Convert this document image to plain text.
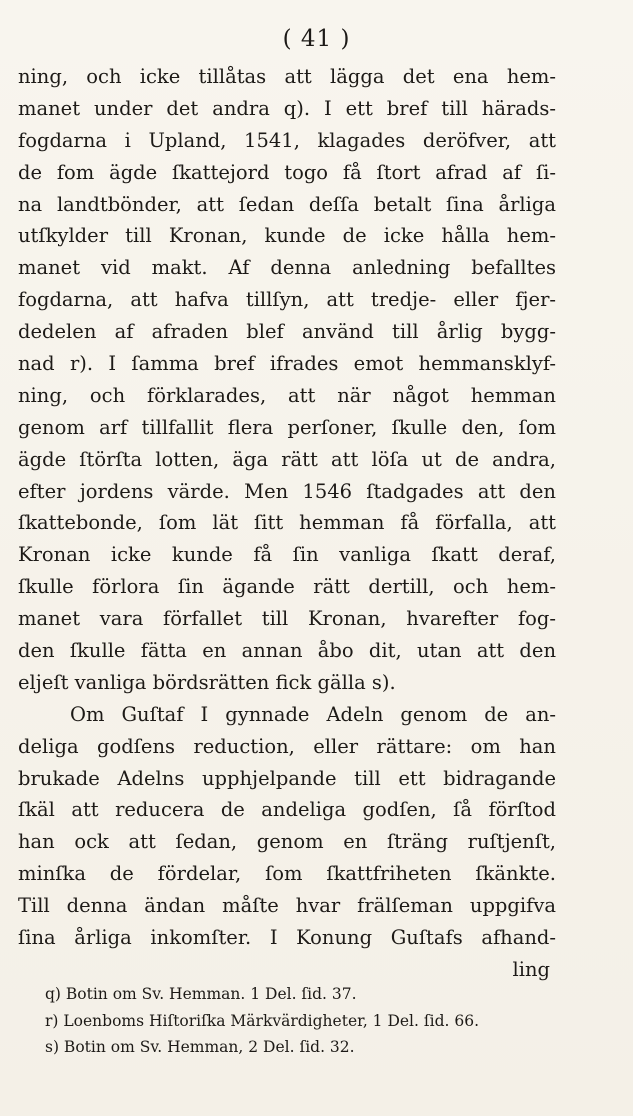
( 41 )
ning, och icke tillåtas att lägga det ena hem-
manet under det andra q). I ett bref till härads-
fogdarna i Upland, 1541, klagades deröfver, att
de fom ägde ſkattejord togo få ſtort afrad af ſi-
na landtbönder, att ſedan deſſa betalt ſina årliga
utſkylder till Kronan, kunde de icke hålla hem-
manet vid makt. Af denna anledning befalltes
fogdarna, att hafva tillſyn, att tredje- eller fjer-
dedelen af afraden blef använd till årlig bygg-
nad r). I ſamma bref ifrades emot hemmansklyf-
ning, och förklarades, att när något hemman
genom arf tillfallit flera perſoner, ſkulle den, ſom
ägde ſtörſta lotten, äga rätt att löſa ut de andra,
efter jordens värde. Men 1546 ſtadgades att den
ſkattebonde, ſom lät ſitt hemman få förfalla, att
Kronan icke kunde få ſin vanliga ſkatt deraf,
ſkulle förlora ſin ägande rätt dertill, och hem-
manet vara förfallet till Kronan, hvarefter fog-
den ſkulle fätta en annan åbo dit, utan att den
eljeſt vanliga bördsrätten fick gälla s).
Om Guſtaf I gynnade Adeln genom de an-
deliga godſens reduction, eller rättare: om han
brukade Adelns upphjelpande till ett bidragande
ſkäl att reducera de andeliga godſen, ſå förſtod
han ock att ſedan, genom en ſträng ruſtjenſt,
minſka de fördelar, ſom ſkattfriheten ſkänkte.
Till denna ändan måſte hvar frälſeman uppgifva
ſina årliga inkomſter. I Konung Guſtafs afhand-
ling
q) Botin om Sv. Hemman. 1 Del. ſid. 37.
r) Loenboms Hiſtoriſka Märkvärdigheter, 1 Del. ſid. 66.
s) Botin om Sv. Hemman, 2 Del. ſid. 32.
